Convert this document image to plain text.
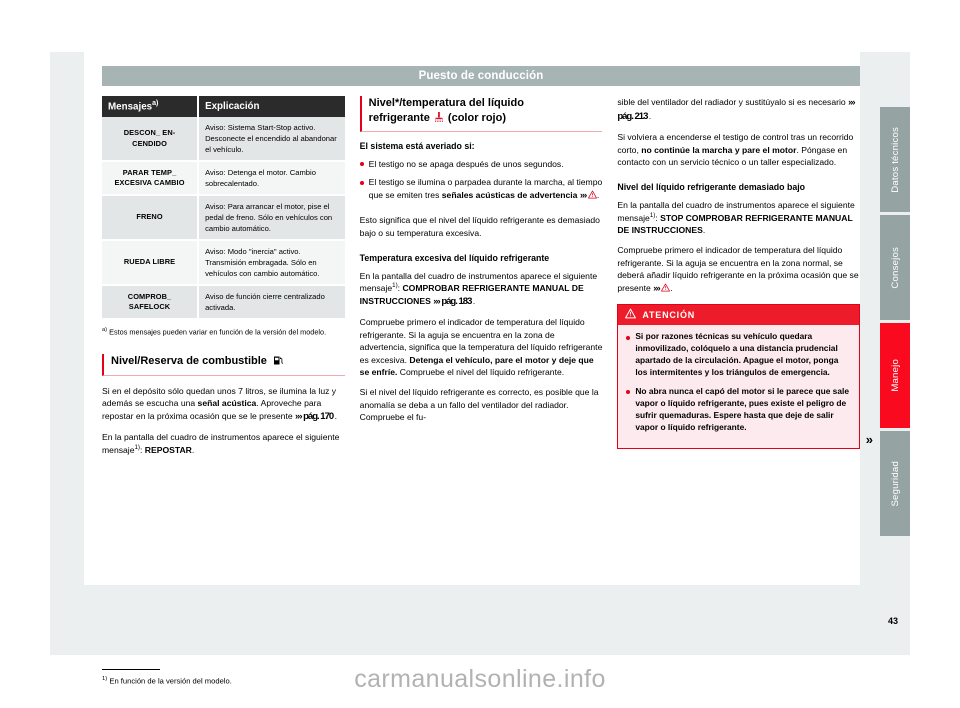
Puesto de conducción
Mensajes$^{a)}$	Explicación
DESCON_ EN-CENDIDO	Aviso: Sistema Start-Stop activo. Desconecte el encendido al abandonar el vehículo.
PARAR TEMP_ EXCESIVA CAMBIO	Aviso: Detenga el motor. Cambio sobrecalentado.
FRENO	Aviso: Para arrancar el motor, pise el pedal de freno. Sólo en vehículos con cambio automático.
RUEDA LIBRE	Aviso: Modo "inercia" activo. Transmisión embragada. Sólo en vehículos con cambio automático.
COMPROB_ SAFELOCK	Aviso de función cierre centralizado activada.
$^{a)}$ Estos mensajes pueden variar en función de la versión del modelo.
Nivel/Reserva de combustible

Si en el depósito sólo quedan unos 7 litros, se ilumina la luz y además se escucha una señal acústica. Aproveche para repostar en la próxima ocasión que se le presente ››› pág. 170 .

En la pantalla del cuadro de instrumentos aparece el siguiente mensaje$^{1)}$: REPOSTAR.

Nivel*/temperatura del líquido
refrigerante  (color rojo)
El sistema está averiado si:

El testigo no se apaga después de unos segundos.

El testigo se ilumina o parpadea durante la marcha, al tiempo que se emiten tres señales acústicas de advertencia ››› .

Esto significa que el nivel del líquido refrigerante es demasiado bajo o su temperatura excesiva.

Temperatura excesiva del líquido refrigerante

En la pantalla del cuadro de instrumentos aparece el siguiente mensaje$^{1)}$: COMPROBAR REFRIGERANTE MANUAL DE INSTRUCCIONES ››› pág. 183 .

Compruebe primero el indicador de temperatura del líquido refrigerante. Si la aguja se encuentra en la zona de advertencia, significa que la temperatura del líquido refrigerante es excesiva. Detenga el vehículo, pare el motor y deje que se enfríe. Compruebe el nivel del líquido refrigerante.

Si el nivel del líquido refrigerante es correcto, es posible que la anomalía se deba a un fallo del ventilador del radiador. Compruebe el fu-

sible del ventilador del radiador y sustitúyalo si es necesario ››› pág. 213 .

Si volviera a encenderse el testigo de control tras un recorrido corto, no continúe la marcha y pare el motor. Póngase en contacto con un servicio técnico o un taller especializado.

Nivel del líquido refrigerante demasiado bajo

En la pantalla del cuadro de instrumentos aparece el siguiente mensaje$^{1)}$: STOP COMPROBAR REFRIGERANTE MANUAL DE INSTRUCCIONES.

Compruebe primero el indicador de temperatura del líquido refrigerante. Si la aguja se encuentra en la zona normal, se deberá añadir líquido refrigerante en la próxima ocasión que se presente ››› .

ATENCIÓN

Si por razones técnicas su vehículo quedara inmovilizado, colóquelo a una distancia prudencial apartado de la circulación. Apague el motor, ponga los intermitentes y los triángulos de emergencia.

No abra nunca el capó del motor si le parece que sale vapor o líquido refrigerante, pues existe el peligro de sufrir quemaduras. Espere hasta que deje de salir vapor o líquido refrigerante.

»
$^{1)}$ En función de la versión del modelo.
Datos técnicos
Consejos
Manejo
Seguridad
43
carmanualsonline.info
